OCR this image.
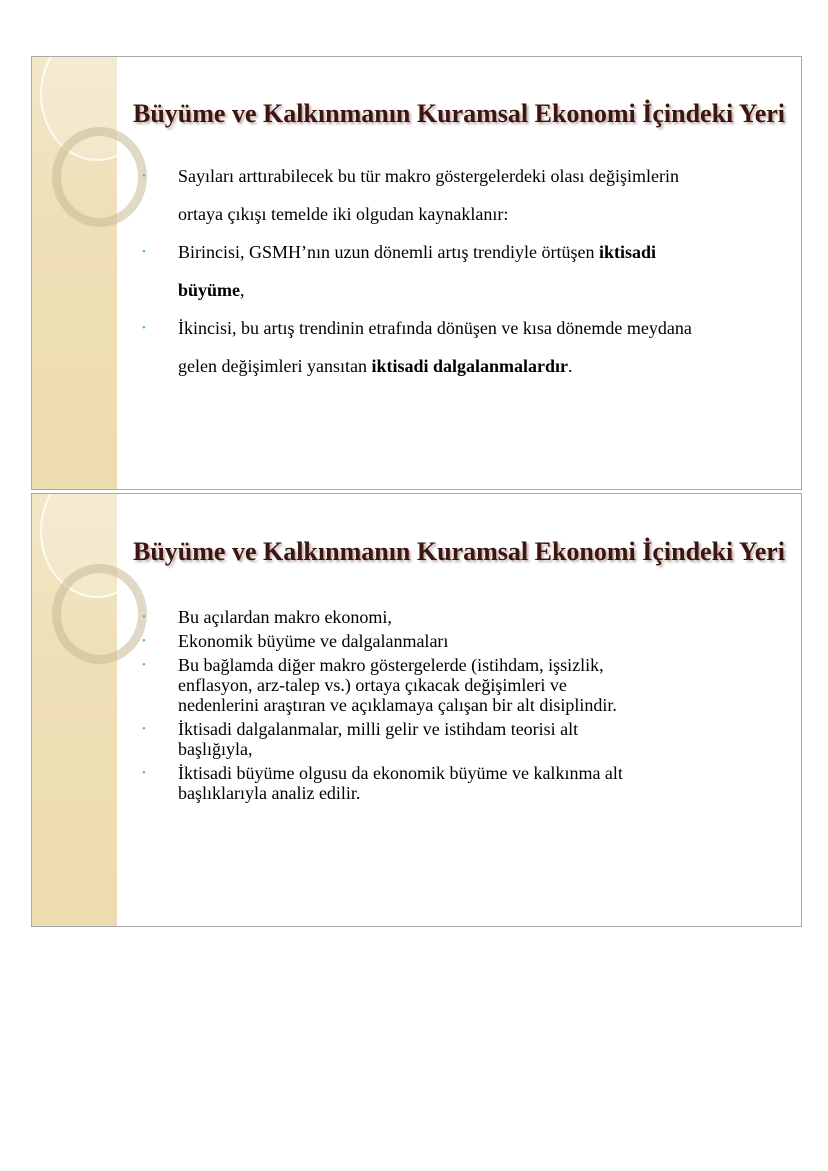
Büyüme ve Kalkınmanın Kuramsal Ekonomi İçindeki Yeri
• Sayıları arttırabilecek bu tür makro göstergelerdeki olası değişimlerin
ortaya çıkışı temelde iki olgudan kaynaklanır:
• Birincisi, GSMH’nın uzun dönemli artış trendiyle örtüşen iktisadi
büyüme,
• İkincisi, bu artış trendinin etrafında dönüşen ve kısa dönemde meydana
gelen değişimleri yansıtan iktisadi dalgalanmalardır.
Büyüme ve Kalkınmanın Kuramsal Ekonomi İçindeki Yeri
• Bu açılardan makro ekonomi,
• Ekonomik büyüme ve dalgalanmaları
• Bu bağlamda diğer makro göstergelerde (istihdam, işsizlik,
enflasyon, arz-talep vs.) ortaya çıkacak değişimleri ve
nedenlerini araştıran ve açıklamaya çalışan bir alt disiplindir.
• İktisadi dalgalanmalar, milli gelir ve istihdam teorisi alt
başlığıyla,
• İktisadi büyüme olgusu da ekonomik büyüme ve kalkınma alt
başlıklarıyla analiz edilir.
